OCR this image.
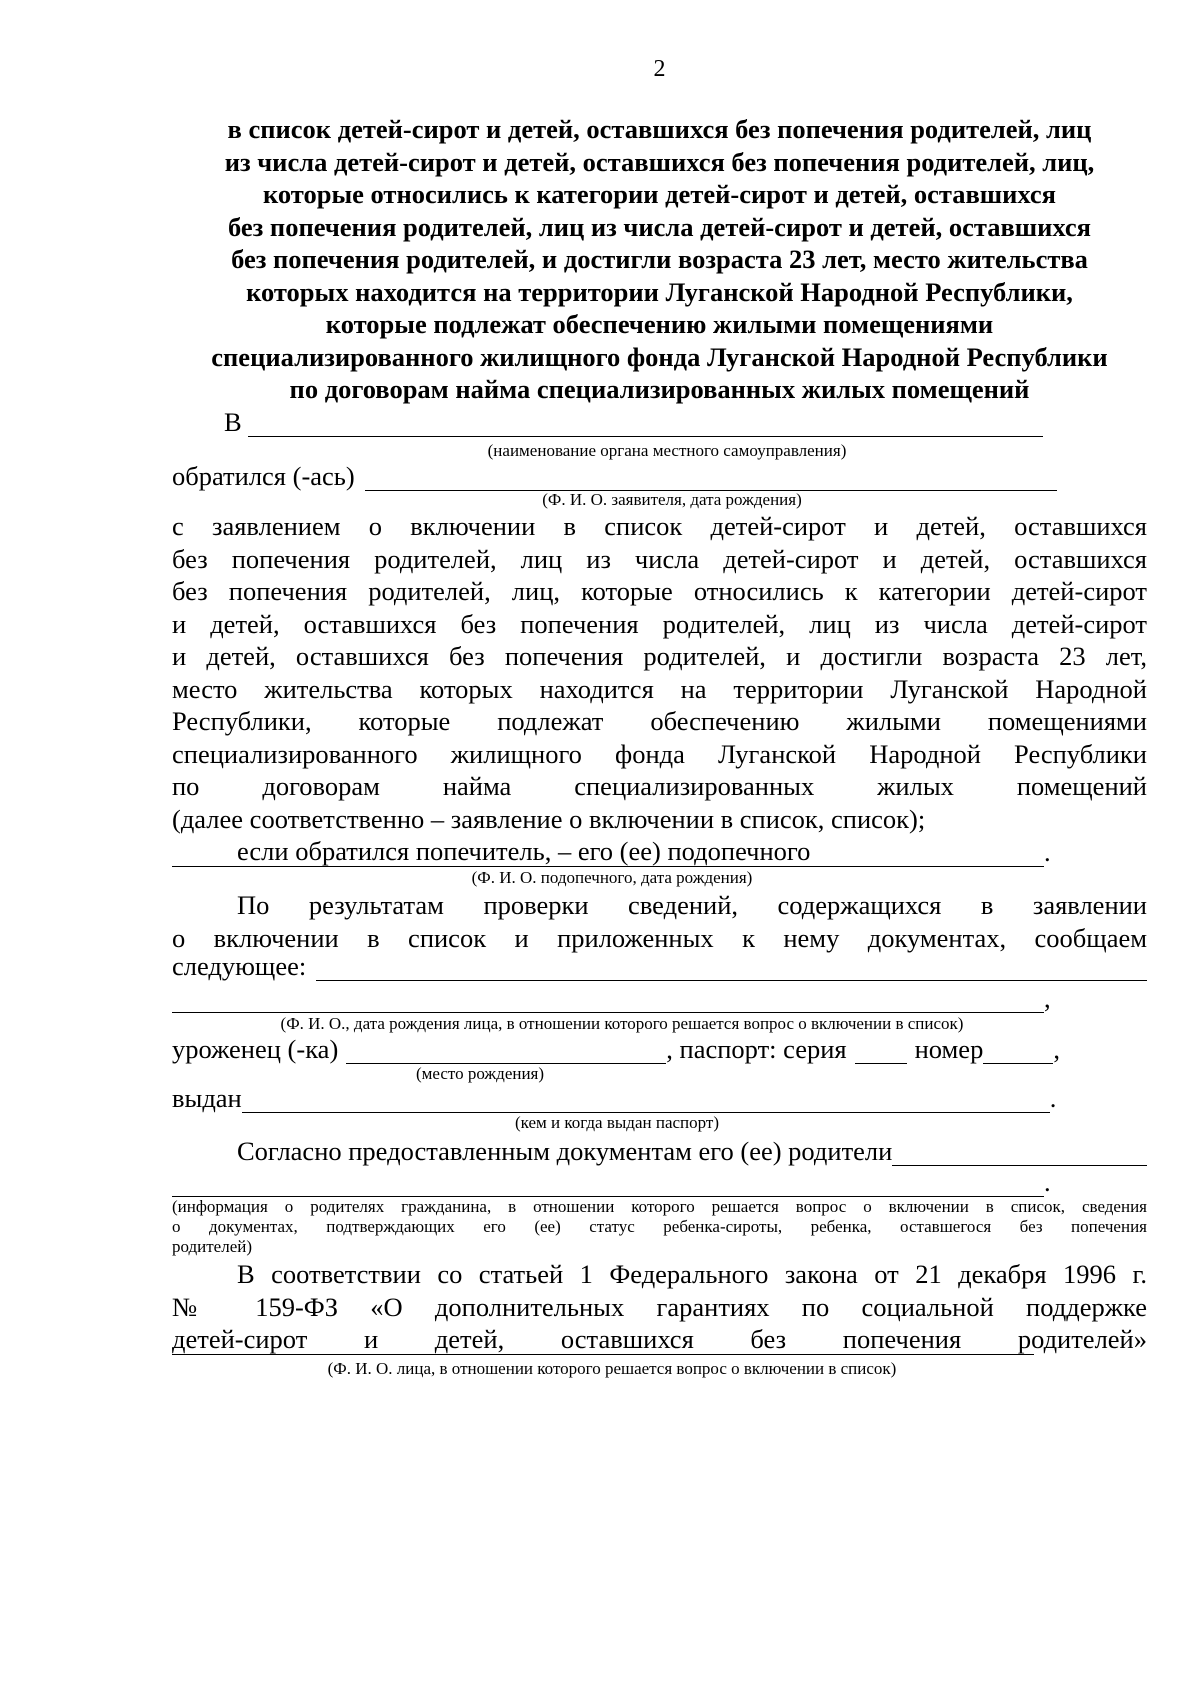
2
в список детей-сирот и детей, оставшихся без попечения родителей, лиц
из числа детей-сирот и детей, оставшихся без попечения родителей, лиц,
которые относились к категории детей-сирот и детей, оставшихся
без попечения родителей, лиц из числа детей-сирот и детей, оставшихся
без попечения родителей, и достигли возраста 23 лет, место жительства
которых находится на территории Луганской Народной Республики,
которые подлежат обеспечению жилыми помещениями
специализированного жилищного фонда Луганской Народной Республики
по договорам найма специализированных жилых помещений
В
(наименование органа местного самоуправления)
обратился (-ась)
(Ф. И. О. заявителя, дата рождения)
с заявлением о включении в список детей-сирот и детей, оставшихся
без попечения родителей, лиц из числа детей-сирот и детей, оставшихся
без попечения родителей, лиц, которые относились к категории детей-сирот
и детей, оставшихся без попечения родителей, лиц из числа детей-сирот
и детей, оставшихся без попечения родителей, и достигли возраста 23 лет,
место жительства которых находится на территории Луганской Народной
Республики, которые подлежат обеспечению жилыми помещениями
специализированного жилищного фонда Луганской Народной Республики
по договорам найма специализированных жилых помещений
(далее соответственно – заявление о включении в список, список);
если обратился попечитель, – его (ее) подопечного	.
(Ф. И. О. подопечного, дата рождения)
По результатам проверки сведений, содержащихся в заявлении
о включении в список и приложенных к нему документах, сообщаем
следующее:
,
(Ф. И. О., дата рождения лица, в отношении которого решается вопрос о включении в список)
уроженец (-ка)	, паспорт: серия	номер	,
(место рождения)
выдан	.
(кем и когда выдан паспорт)
Согласно предоставленным документам его (ее) родители
.
(информация о родителях гражданина, в отношении которого решается вопрос о включении в список, сведения
о документах, подтверждающих его (ее) статус ребенка-сироты, ребенка, оставшегося без попечения
родителей)
В соответствии со статьей 1 Федерального закона от 21 декабря 1996 г.
№ 159-ФЗ «О дополнительных гарантиях по социальной поддержке
детей-сирот и детей, оставшихся без попечения родителей»
(Ф. И. О. лица, в отношении которого решается вопрос о включении в список)
